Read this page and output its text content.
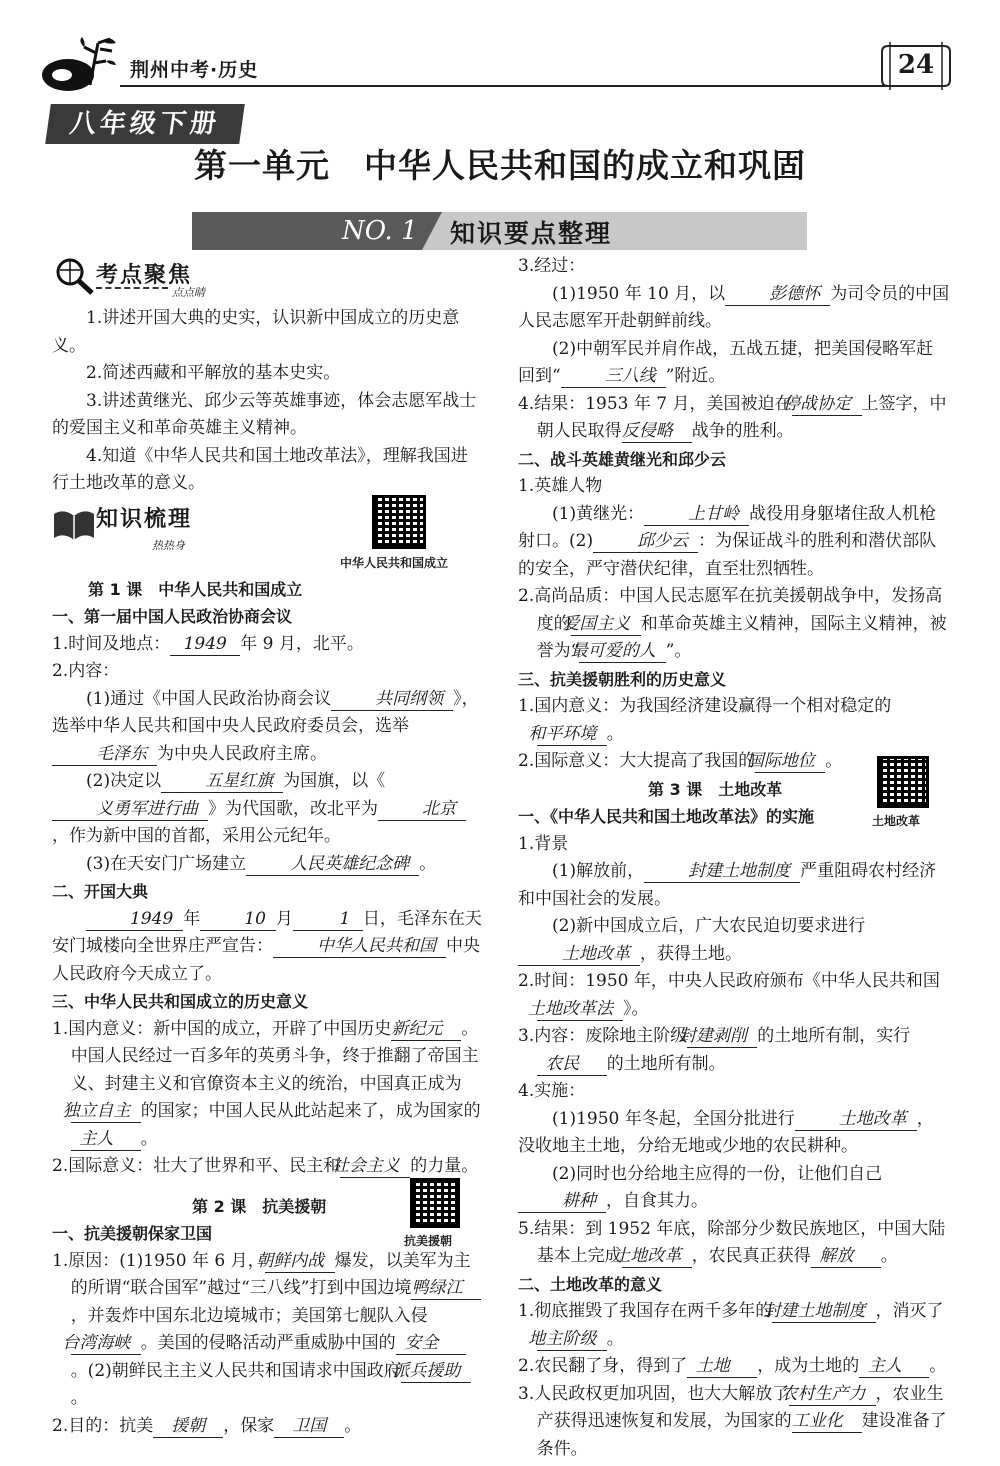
荆州中考·历史	24
八年级下册
第一单元　中华人民共和国的成立和巩固
NO. 1 知识要点整理
考点聚焦
点点睛

1.讲述开国大典的史实，认识新中国成立的历史意义。

2.简述西藏和平解放的基本史实。

3.讲述黄继光、邱少云等英雄事迹，体会志愿军战士的爱国主义和革命英雄主义精神。

4.知道《中华人民共和国土地改革法》，理解我国进行土地改革的意义。

知识梳理
热热身

第 1 课　中华人民共和国成立

一、第一届中国人民政治协商会议

1.时间及地点： 1949 年 9 月，北平。

2.内容：

(1)通过《中国人民政治协商会议	共同纲领 》，选举中华人民共和国中央人民政府委员会，选举毛泽东 为中央人民政府主席。

(2)决定以	五星红旗 为国旗，以《义勇军进行曲 》为代国歌，改北平为	北京，作为新中国的首都，采用公元纪年。

(3)在天安门广场建立	人民英雄纪念碑 。

二、开国大典

1949 年	10 月	1 日，毛泽东在天安门城楼向全世界庄严宣告：	中华人民共和国 中央人民政府今天成立了。

三、中华人民共和国成立的历史意义

1.国内意义：新中国的成立，开辟了中国历史新纪元 。中国人民经过一百多年的英勇斗争，终于推翻了帝国主义、封建主义和官僚资本主义的统治，中国真正成为独立自主 的国家；中国人民从此站起来了，成为国家的主人 。

2.国际意义：壮大了世界和平、民主和社会主义 的力量。

第 2 课　抗美援朝

一、抗美援朝保家卫国

1.原因：(1)1950 年 6 月，朝鲜内战 爆发，以美军为主的所谓“联合国军”越过“三八线”打到中国边境鸭绿江，并轰炸中国东北边境城市；美国第七舰队入侵台湾海峡 。美国的侵略活动严重威胁中国的 安全。(2)朝鲜民主主义人民共和国请求中国政府派兵援助。

2.目的：抗美 援朝 ，保家 卫国 。

中华人民共和国成立
抗美援朝

3.经过：

(1)1950 年 10 月，以	彭德怀 为司令员的中国人民志愿军开赴朝鲜前线。

(2)中朝军民并肩作战，五战五捷，把美国侵略军赶回到“	三八线 ”附近。

4.结果：1953 年 7 月，美国被迫在停战协定 上签字，中朝人民取得反侵略 战争的胜利。

二、战斗英雄黄继光和邱少云

1.英雄人物

(1)黄继光：	上甘岭 战役用身躯堵住敌人机枪射口。(2)	邱少云 ：为保证战斗的胜利和潜伏部队的安全，严守潜伏纪律，直至壮烈牺牲。

2.高尚品质：中国人民志愿军在抗美援朝战争中，发扬高度的爱国主义 和革命英雄主义精神，国际主义精神，被誉为“最可爱的人 ”。

三、抗美援朝胜利的历史意义

1.国内意义：为我国经济建设赢得一个相对稳定的和平环境 。

2.国际意义：大大提高了我国的国际地位 。

第 3 课　土地改革

一、《中华人民共和国土地改革法》的实施

1.背景

(1)解放前，	封建土地制度 严重阻碍农村经济和中国社会的发展。

(2)新中国成立后，广大农民迫切要求进行土地改革 ，获得土地。

2.时间：1950 年，中央人民政府颁布《中华人民共和国土地改革法 》。

3.内容：废除地主阶级封建剥削 的土地所有制，实行农民 的土地所有制。

4.实施：

(1)1950 年冬起，全国分批进行	土地改革 ，没收地主土地，分给无地或少地的农民耕种。

(2)同时也分给地主应得的一份，让他们自己耕种 ，自食其力。

5.结果：到 1952 年底，除部分少数民族地区，中国大陆基本上完成土地改革 ，农民真正获得 解放 。

二、土地改革的意义

1.彻底摧毁了我国存在两千多年的封建土地制度 ，消灭了地主阶级 。

2.农民翻了身，得到了 土地 ，成为土地的 主人 。

3.人民政权更加巩固，也大大解放了农村生产力 ，农业生产获得迅速恢复和发展，为国家的工业化 建设准备了条件。

土地改革
